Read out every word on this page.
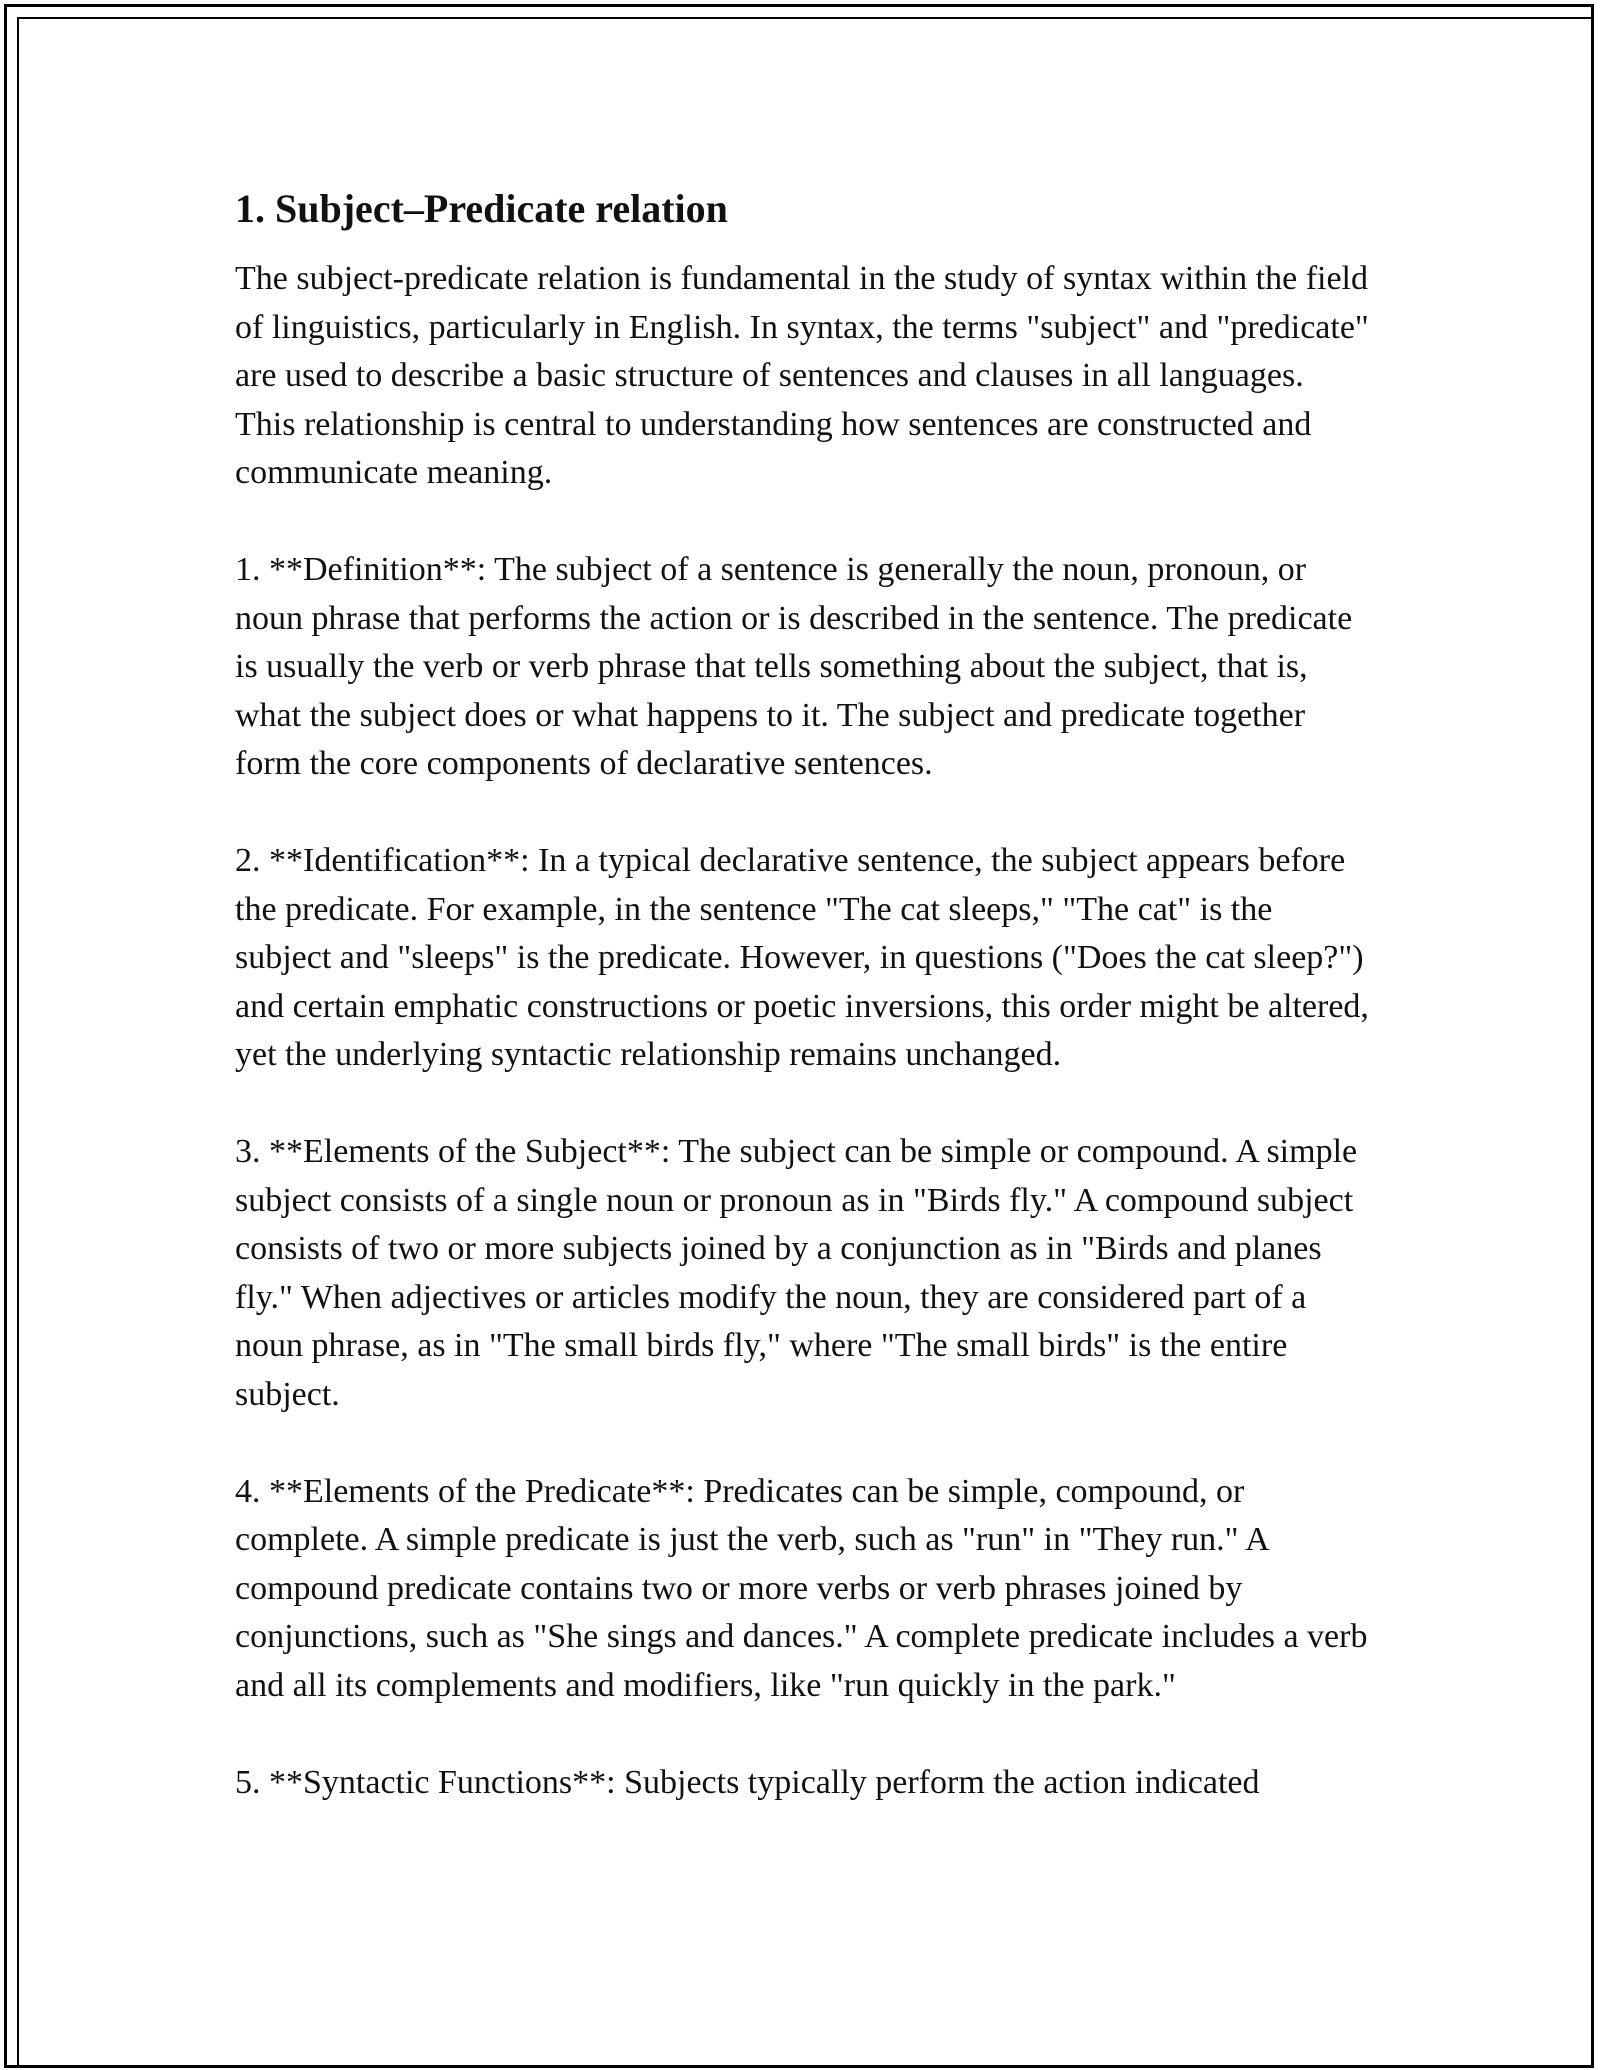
1. Subject–Predicate relation

The subject-predicate relation is fundamental in the study of syntax within the field of linguistics, particularly in English. In syntax, the terms "subject" and "predicate" are used to describe a basic structure of sentences and clauses in all languages. This relationship is central to understanding how sentences are constructed and communicate meaning.

1. **Definition**: The subject of a sentence is generally the noun, pronoun, or noun phrase that performs the action or is described in the sentence. The predicate is usually the verb or verb phrase that tells something about the subject, that is, what the subject does or what happens to it. The subject and predicate together form the core components of declarative sentences.

2. **Identification**: In a typical declarative sentence, the subject appears before the predicate. For example, in the sentence "The cat sleeps," "The cat" is the subject and "sleeps" is the predicate. However, in questions ("Does the cat sleep?") and certain emphatic constructions or poetic inversions, this order might be altered, yet the underlying syntactic relationship remains unchanged.

3. **Elements of the Subject**: The subject can be simple or compound. A simple subject consists of a single noun or pronoun as in "Birds fly." A compound subject consists of two or more subjects joined by a conjunction as in "Birds and planes fly." When adjectives or articles modify the noun, they are considered part of a noun phrase, as in "The small birds fly," where "The small birds" is the entire subject.

4. **Elements of the Predicate**: Predicates can be simple, compound, or complete. A simple predicate is just the verb, such as "run" in "They run." A compound predicate contains two or more verbs or verb phrases joined by conjunctions, such as "She sings and dances." A complete predicate includes a verb and all its complements and modifiers, like "run quickly in the park."

5. **Syntactic Functions**: Subjects typically perform the action indicated
